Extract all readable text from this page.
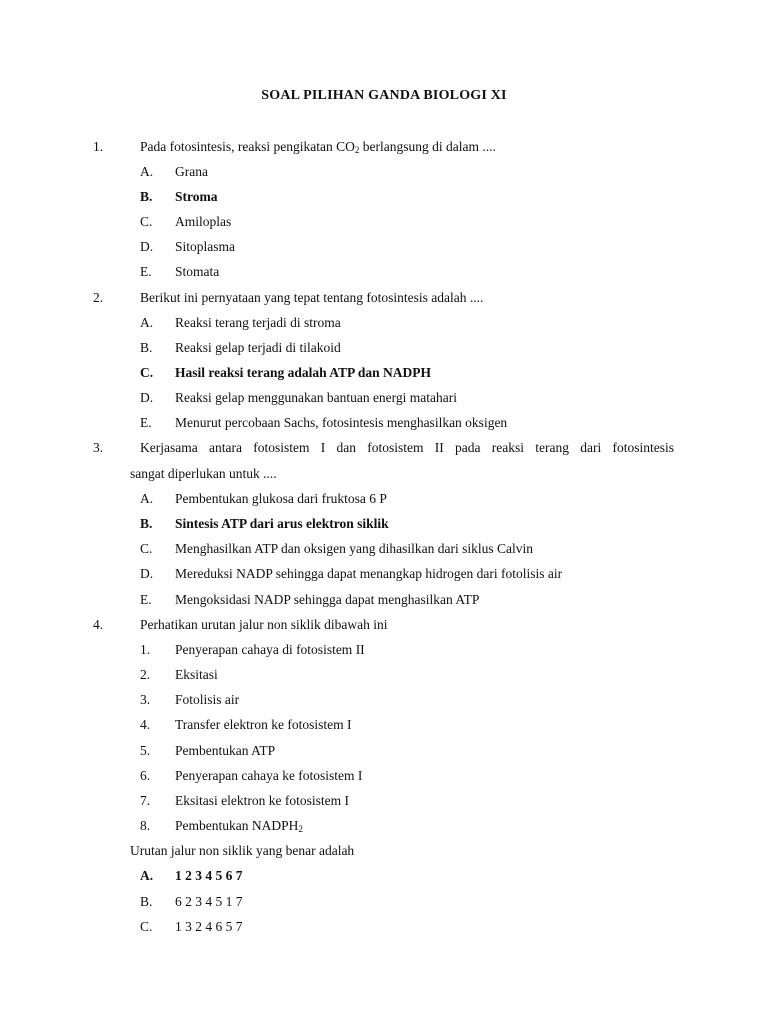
SOAL PILIHAN GANDA BIOLOGI XI
1.	Pada fotosintesis, reaksi pengikatan $CO_2$ berlangsung di dalam ....
A. Grana
B. Stroma
C. Amiloplas
D. Sitoplasma
E. Stomata
2.	Berikut ini pernyataan yang tepat tentang fotosintesis adalah ....
A. Reaksi terang terjadi di stroma
B. Reaksi gelap terjadi di tilakoid
C. Hasil reaksi terang adalah ATP dan NADPH
D. Reaksi gelap menggunakan bantuan energi matahari
E. Menurut percobaan Sachs, fotosintesis menghasilkan oksigen
3.	Kerjasama antara fotosistem I dan fotosistem II pada reaksi terang dari fotosintesis
sangat diperlukan untuk ....
A. Pembentukan glukosa dari fruktosa 6 P
B. Sintesis ATP dari arus elektron siklik
C. Menghasilkan ATP dan oksigen yang dihasilkan dari siklus Calvin
D. Mereduksi NADP sehingga dapat menangkap hidrogen dari fotolisis air
E. Mengoksidasi NADP sehingga dapat menghasilkan ATP
4.	Perhatikan urutan jalur non siklik dibawah ini
1. Penyerapan cahaya di fotosistem II
2. Eksitasi
3. Fotolisis air
4. Transfer elektron ke fotosistem I
5. Pembentukan ATP
6. Penyerapan cahaya ke fotosistem I
7. Eksitasi elektron ke fotosistem I
8. Pembentukan $NADPH_2$
Urutan jalur non siklik yang benar adalah
A. 1 2 3 4 5 6 7
B. 6 2 3 4 5 1 7
C. 1 3 2 4 6 5 7
